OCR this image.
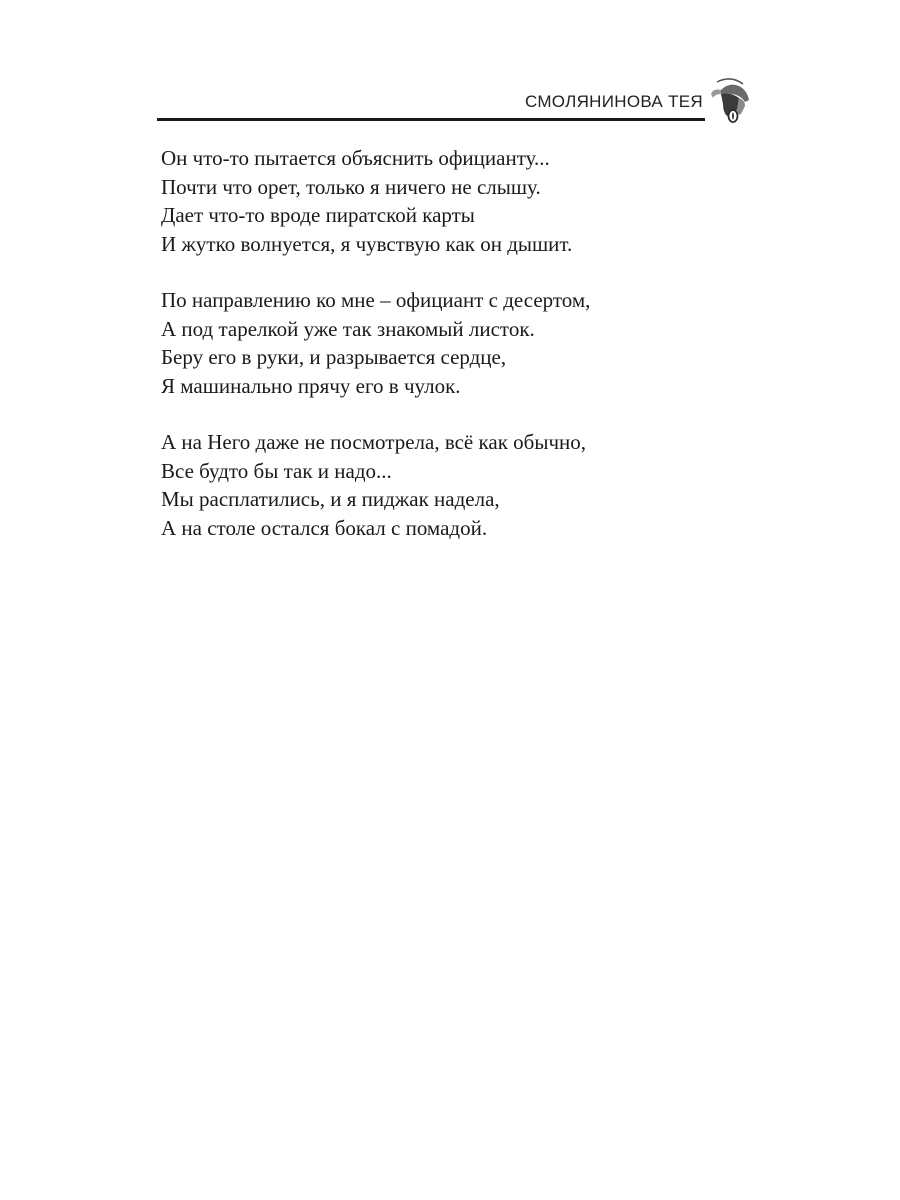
СМОЛЯНИНОВА ТЕЯ
Он что-то пытается объяснить официанту...
Почти что орет, только я ничего не слышу.
Дает что-то вроде пиратской карты
И жутко волнуется, я чувствую как он дышит.
По направлению ко мне – официант с десертом,
А под тарелкой уже так знакомый листок.
Беру его в руки, и разрывается сердце,
Я машинально прячу его в чулок.
А на Него даже не посмотрела, всё как обычно,
Все будто бы так и надо...
Мы расплатились, и я пиджак надела,
А на столе остался бокал с помадой.
